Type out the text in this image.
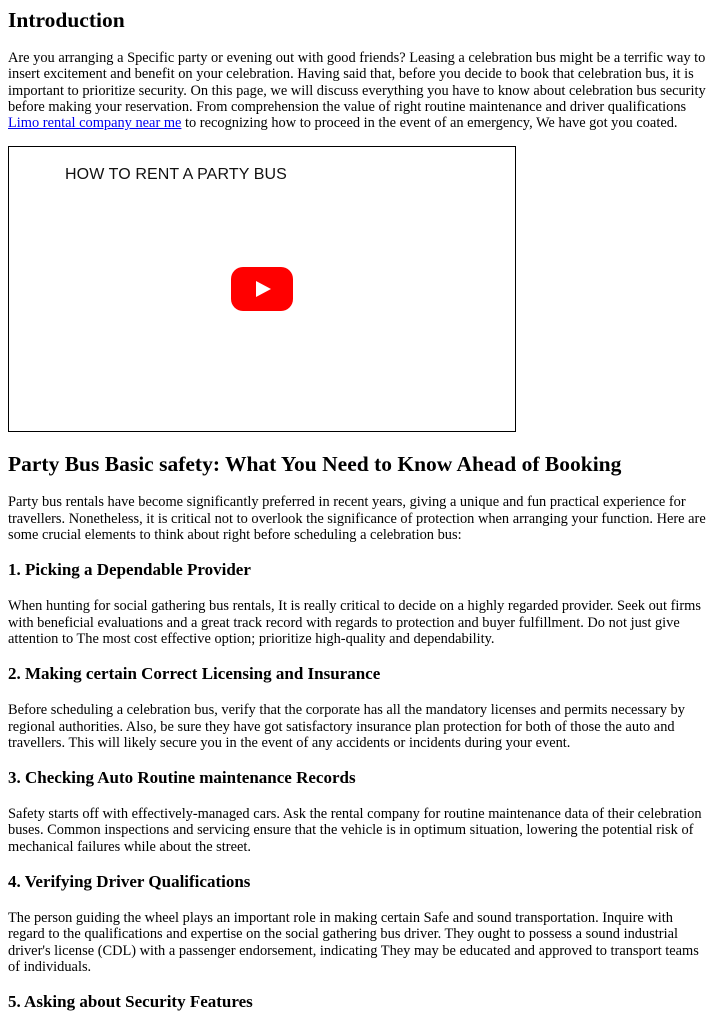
Introduction

Are you arranging a Specific party or evening out with good friends? Leasing a celebration bus might be a terrific way to insert excitement and benefit on your celebration. Having said that, before you decide to book that celebration bus, it is important to prioritize security. On this page, we will discuss everything you have to know about celebration bus security before making your reservation. From comprehension the value of right routine maintenance and driver qualifications Limo rental company near me to recognizing how to proceed in the event of an emergency, We have got you coated.

HOW TO RENT A PARTY BUS
Party Bus Basic safety: What You Need to Know Ahead of Booking

Party bus rentals have become significantly preferred in recent years, giving a unique and fun practical experience for travellers. Nonetheless, it is critical not to overlook the significance of protection when arranging your function. Here are some crucial elements to think about right before scheduling a celebration bus:

1. Picking a Dependable Provider

When hunting for social gathering bus rentals, It is really critical to decide on a highly regarded provider. Seek out firms with beneficial evaluations and a great track record with regards to protection and buyer fulfillment. Do not just give attention to The most cost effective option; prioritize high-quality and dependability.

2. Making certain Correct Licensing and Insurance

Before scheduling a celebration bus, verify that the corporate has all the mandatory licenses and permits necessary by regional authorities. Also, be sure they have got satisfactory insurance plan protection for both of those the auto and travellers. This will likely secure you in the event of any accidents or incidents during your event.

3. Checking Auto Routine maintenance Records

Safety starts off with effectively-managed cars. Ask the rental company for routine maintenance data of their celebration buses. Common inspections and servicing ensure that the vehicle is in optimum situation, lowering the potential risk of mechanical failures while about the street.

4. Verifying Driver Qualifications

The person guiding the wheel plays an important role in making certain Safe and sound transportation. Inquire with regard to the qualifications and expertise on the social gathering bus driver. They ought to possess a sound industrial driver's license (CDL) with a passenger endorsement, indicating They may be educated and approved to transport teams of individuals.

5. Asking about Security Features
